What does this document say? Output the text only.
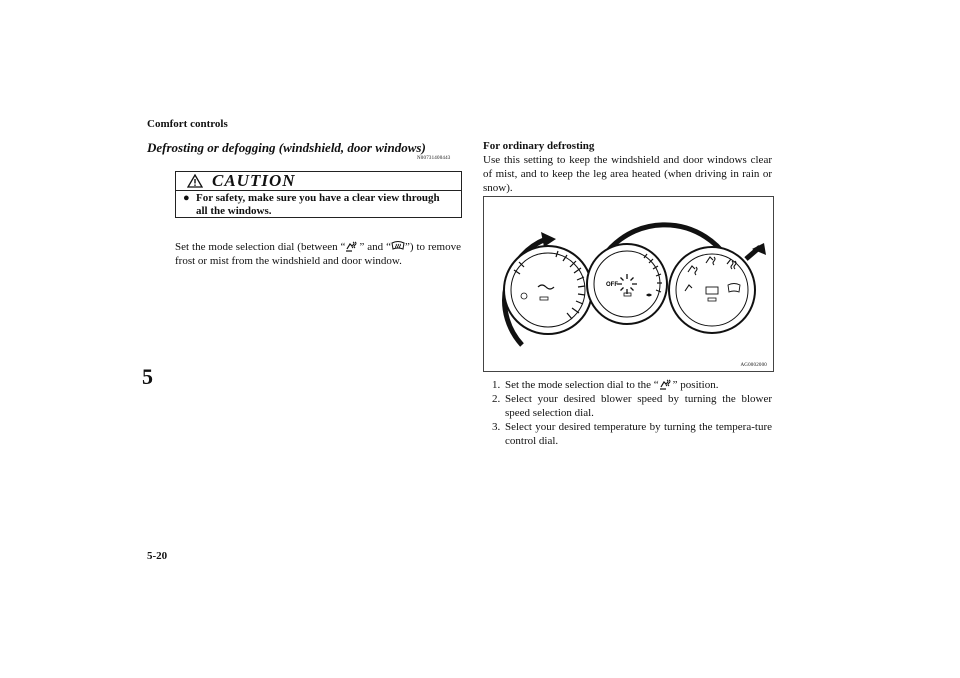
Comfort controls
5
5-20
Defrosting or defogging (windshield, door windows)
N00731400443
CAUTION
● For safety, make sure you have a clear view through
all the windows.
Set the mode selection dial (between “ ” and “ ”) to remove frost or mist from the windshield and door window.
For ordinary defrosting
Use this setting to keep the windshield and door windows clear of mist, and to keep the leg area heated (when driving in rain or snow).
OFF
AG0002000
1. Set the mode selection dial to the “ ” position.
2. Select your desired blower speed by turning the blower speed selection dial.
3. Select your desired temperature by turning the tempera-ture control dial.
